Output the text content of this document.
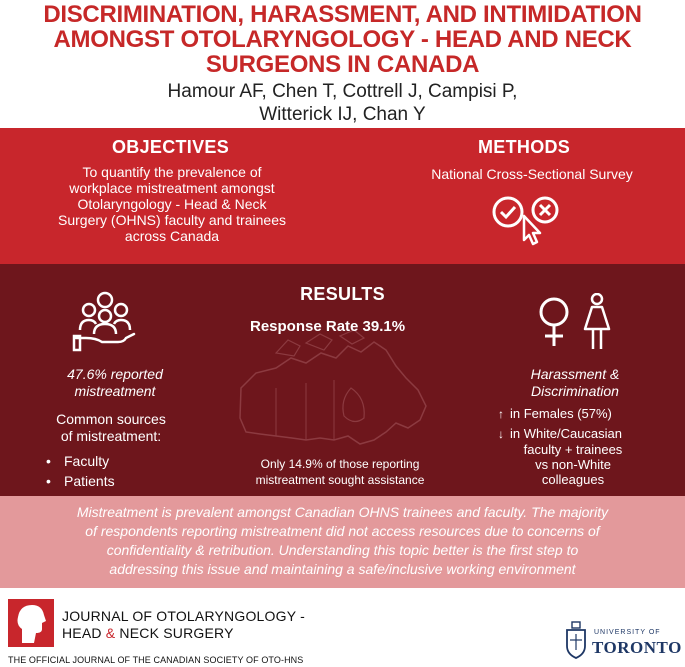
DISCRIMINATION, HARASSMENT, AND INTIMIDATION
AMONGST OTOLARYNGOLOGY - HEAD AND NECK
SURGEONS IN CANADA
Hamour AF, Chen T, Cottrell J, Campisi P,
Witterick IJ, Chan Y
OBJECTIVES
To quantify the prevalence of
workplace mistreatment amongst
Otolaryngology - Head & Neck
Surgery (OHNS) faculty and trainees
across Canada
METHODS
National Cross-Sectional Survey
RESULTS
Response Rate 39.1%
47.6% reported
mistreatment
Common sources
of mistreatment:
• Faculty
• Patients
Only 14.9% of those reporting
mistreatment sought assistance
Harassment &
Discrimination
↑ in Females (57%)
↓ in White/Caucasian
faculty + trainees
vs non-White
colleagues
Mistreatment is prevalent amongst Canadian OHNS trainees and faculty. The majority
of respondents reporting mistreatment did not access resources due to concerns of
confidentiality & retribution. Understanding this topic better is the first step to
addressing this issue and maintaining a safe/inclusive working environment
JOURNAL OF OTOLARYNGOLOGY -
HEAD & NECK SURGERY
THE OFFICIAL JOURNAL OF THE CANADIAN SOCIETY OF OTO-HNS
UNIVERSITY OF
TORONTO
